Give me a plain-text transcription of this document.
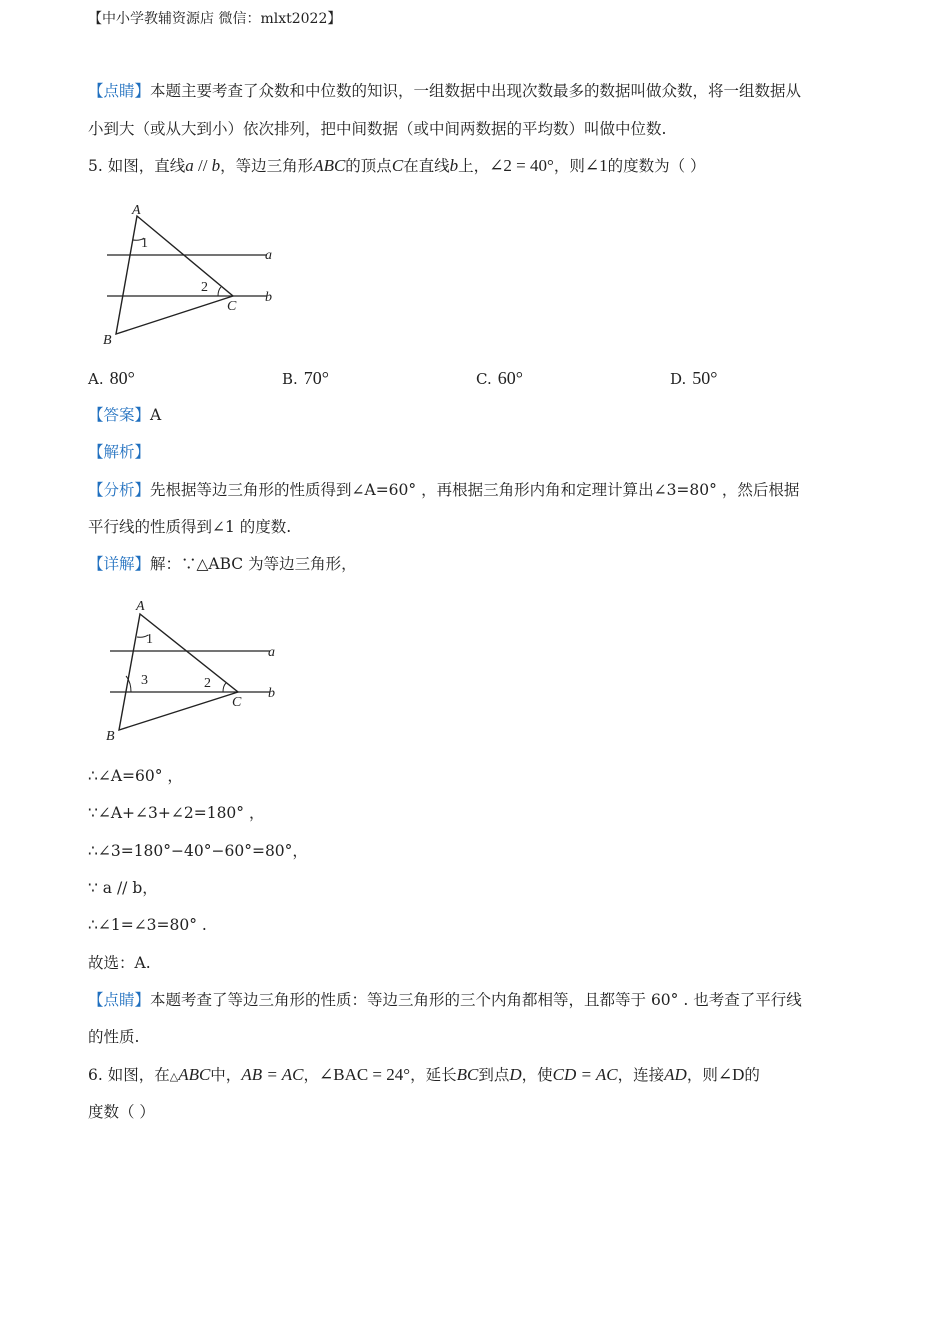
【中小学教辅资源店 微信：mlxt2022】
【点睛】本题主要考查了众数和中位数的知识，一组数据中出现次数最多的数据叫做众数，将一组数据从
小到大（或从大到小）依次排列，把中间数据（或中间两数据的平均数）叫做中位数.
5. 如图，直线a // b，等边三角形ABC的顶点C在直线b上，∠2 = 40°，则∠1的度数为（ ）
A
B
C
a
b
1
2
A. 80°	B. 70°	C. 60°	D. 50°
【答案】A
【解析】
【分析】先根据等边三角形的性质得到∠A=60° ，再根据三角形内角和定理计算出∠3=80° ，然后根据
平行线的性质得到∠1 的度数.
【详解】解：∵△ABC 为等边三角形，
A
B
C
a
b
1
2
3
∴∠A=60° ，
∵∠A+∠3+∠2=180° ，
∴∠3=180°−40°−60°=80°，
∵ a // b，
∴∠1=∠3=80° .
故选：A.
【点睛】本题考查了等边三角形的性质：等边三角形的三个内角都相等，且都等于 60° . 也考查了平行线
的性质.
6. 如图，在△ABC中，AB = AC，∠BAC = 24°，延长BC到点D，使CD = AC，连接AD，则∠D的
度数（ ）
